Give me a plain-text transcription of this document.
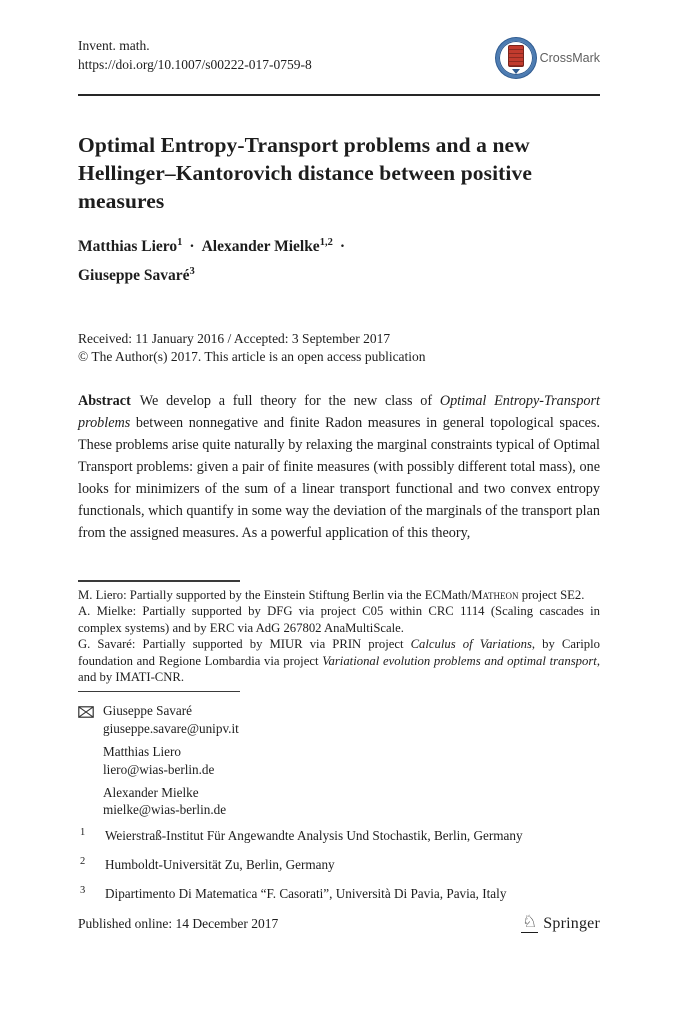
Invent. math.
https://doi.org/10.1007/s00222-017-0759-8	CrossMark
Optimal Entropy-Transport problems and a new
Hellinger–Kantorovich distance between positive
measures
Matthias Liero$^1$ · Alexander Mielke$^{1,2}$ ·
Giuseppe Savaré$^3$
Received: 11 January 2016 / Accepted: 3 September 2017
© The Author(s) 2017. This article is an open access publication
Abstract We develop a full theory for the new class of Optimal Entropy-Transport problems between nonnegative and finite Radon measures in general topological spaces. These problems arise quite naturally by relaxing the marginal constraints typical of Optimal Transport problems: given a pair of finite measures (with possibly different total mass), one looks for minimizers of the sum of a linear transport functional and two convex entropy functionals, which quantify in some way the deviation of the marginals of the transport plan from the assigned measures. As a powerful application of this theory,
M. Liero: Partially supported by the Einstein Stiftung Berlin via the ECMath/Matheon project SE2.
A. Mielke: Partially supported by DFG via project C05 within CRC 1114 (Scaling cascades in complex systems) and by ERC via AdG 267802 AnaMultiScale.
G. Savaré: Partially supported by MIUR via PRIN project Calculus of Variations, by Cariplo foundation and Regione Lombardia via project Variational evolution problems and optimal transport, and by IMATI-CNR.
Giuseppe Savaré
giuseppe.savare@unipv.it
Matthias Liero
liero@wias-berlin.de
Alexander Mielke
mielke@wias-berlin.de
1	Weierstraß-Institut Für Angewandte Analysis Und Stochastik, Berlin, Germany
2	Humboldt-Universität Zu, Berlin, Germany
3	Dipartimento Di Matematica “F. Casorati”, Università Di Pavia, Pavia, Italy
Published online: 14 December 2017	♘ Springer
